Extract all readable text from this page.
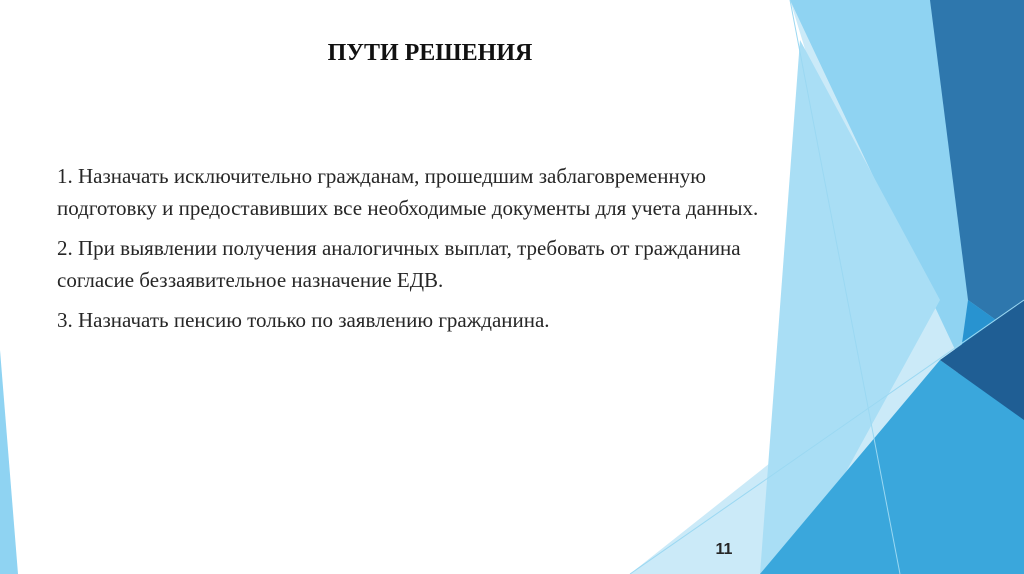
ПУТИ РЕШЕНИЯ

1. Назначать исключительно гражданам, прошедшим заблаговременную подготовку и предоставивших все необходимые документы для учета данных.

2. При выявлении получения аналогичных выплат, требовать от гражданина согласие беззаявительное назначение ЕДВ.

3. Назначать пенсию только по заявлению гражданина.

11
